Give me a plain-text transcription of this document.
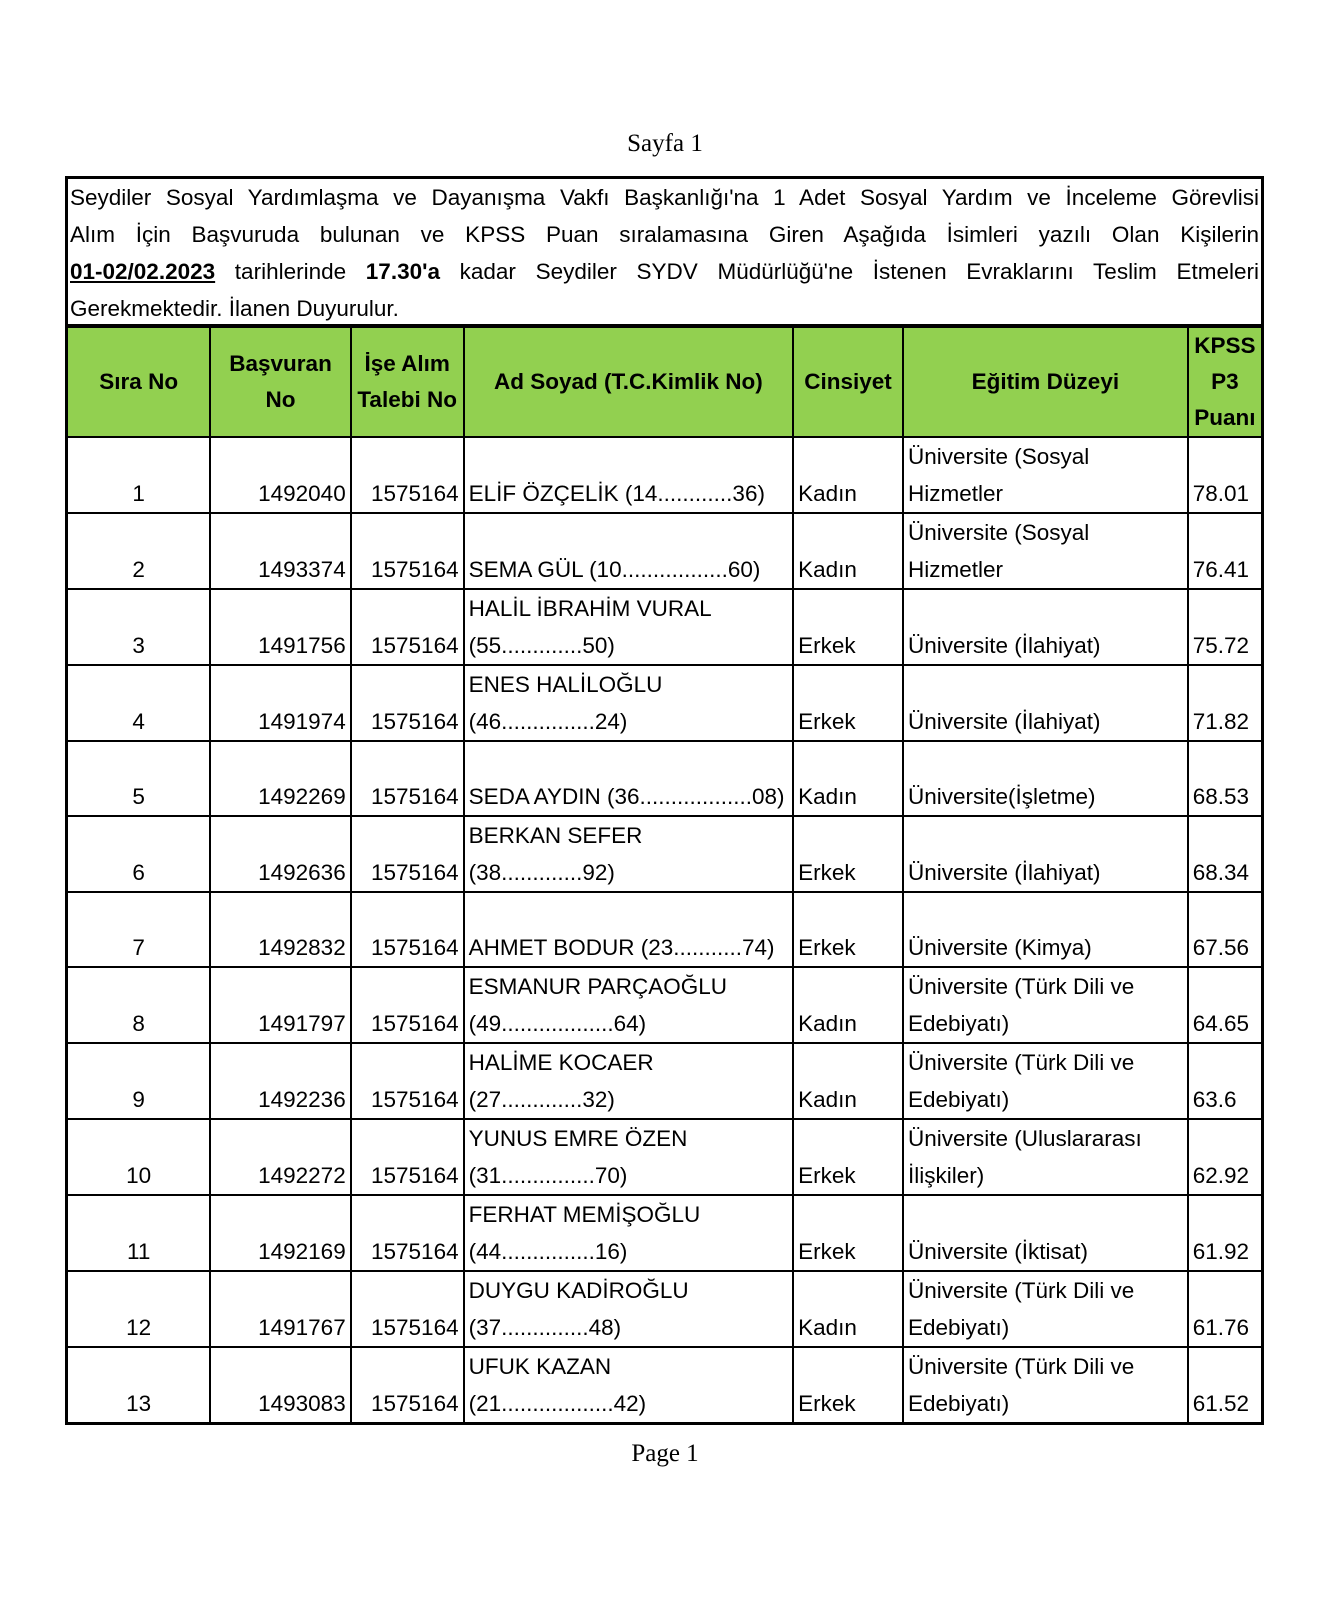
Sayfa 1
Seydiler Sosyal Yardımlaşma ve Dayanışma Vakfı Başkanlığı'na 1 Adet Sosyal Yardım ve İnceleme Görevlisi
Alım İçin Başvuruda bulunan ve KPSS Puan sıralamasına Giren Aşağıda İsimleri yazılı Olan Kişilerin
01-02/02.2023 tarihlerinde 17.30'a kadar Seydiler SYDV Müdürlüğü'ne İstenen Evraklarını Teslim Etmeleri
Gerekmektedir. İlanen Duyurulur.
Sıra No	Başvuran No	İşe Alım Talebi No	Ad Soyad (T.C.Kimlik No)	Cinsiyet	Eğitim Düzeyi	KPSS P3 Puanı
1	1492040	1575164	ELİF ÖZÇELİK (14............36)	Kadın	Üniversite (Sosyal Hizmetler	78.01
2	1493374	1575164	SEMA GÜL (10.................60)	Kadın	Üniversite (Sosyal Hizmetler	76.41
3	1491756	1575164	HALİL İBRAHİM VURAL (55.............50)	Erkek	Üniversite (İlahiyat)	75.72
4	1491974	1575164	ENES HALİLOĞLU (46...............24)	Erkek	Üniversite (İlahiyat)	71.82
5	1492269	1575164	SEDA AYDIN (36..................08)	Kadın	Üniversite(İşletme)	68.53
6	1492636	1575164	BERKAN SEFER (38.............92)	Erkek	Üniversite (İlahiyat)	68.34
7	1492832	1575164	AHMET BODUR (23...........74)	Erkek	Üniversite (Kimya)	67.56
8	1491797	1575164	ESMANUR PARÇAOĞLU (49..................64)	Kadın	Üniversite (Türk Dili ve Edebiyatı)	64.65
9	1492236	1575164	HALİME KOCAER (27.............32)	Kadın	Üniversite (Türk Dili ve Edebiyatı)	63.6
10	1492272	1575164	YUNUS EMRE ÖZEN (31...............70)	Erkek	Üniversite (Uluslararası İlişkiler)	62.92
11	1492169	1575164	FERHAT MEMİŞOĞLU (44...............16)	Erkek	Üniversite (İktisat)	61.92
12	1491767	1575164	DUYGU KADİROĞLU (37..............48)	Kadın	Üniversite (Türk Dili ve Edebiyatı)	61.76
13	1493083	1575164	UFUK KAZAN (21..................42)	Erkek	Üniversite (Türk Dili ve Edebiyatı)	61.52
Page 1
